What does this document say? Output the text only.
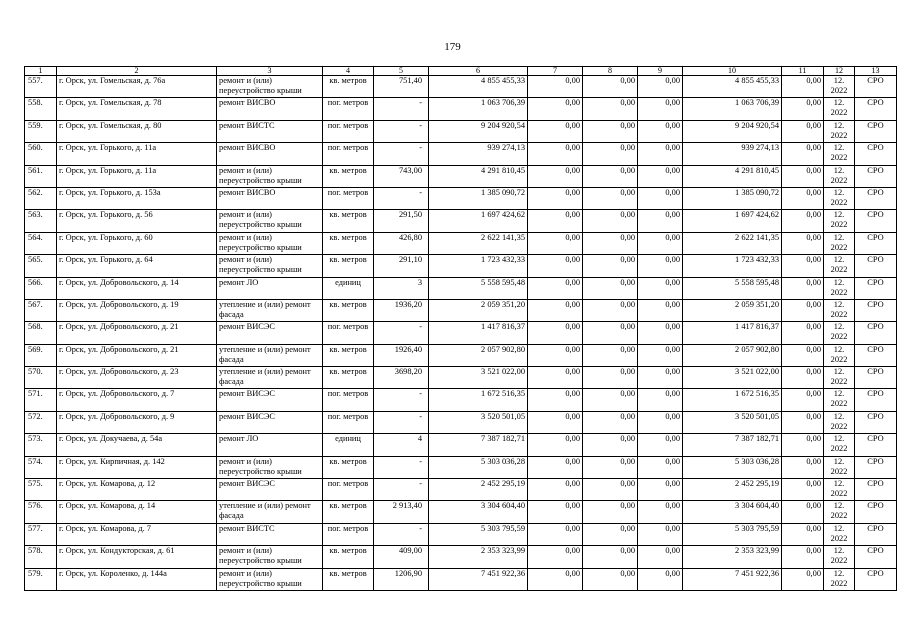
179
1	2	3	4	5	6	7	8	9	10	11	12	13
557.	г. Орск, ул. Гомельская, д. 76а	ремонт и (или) переустройство крыши	кв. метров	751,40	4 855 455,33	0,00	0,00	0,00	4 855 455,33	0,00	12. 2022	СРО
558.	г. Орск, ул. Гомельская, д. 78	ремонт ВИСВО	пог. метров	-	1 063 706,39	0,00	0,00	0,00	1 063 706,39	0,00	12. 2022	СРО
559.	г. Орск, ул. Гомельская, д. 80	ремонт ВИСТС	пог. метров	-	9 204 920,54	0,00	0,00	0,00	9 204 920,54	0,00	12. 2022	СРО
560.	г. Орск, ул. Горького, д. 11а	ремонт ВИСВО	пог. метров	-	939 274,13	0,00	0,00	0,00	939 274,13	0,00	12. 2022	СРО
561.	г. Орск, ул. Горького, д. 11а	ремонт и (или) переустройство крыши	кв. метров	743,00	4 291 810,45	0,00	0,00	0,00	4 291 810,45	0,00	12. 2022	СРО
562.	г. Орск, ул. Горького, д. 153а	ремонт ВИСВО	пог. метров	-	1 385 090,72	0,00	0,00	0,00	1 385 090,72	0,00	12. 2022	СРО
563.	г. Орск, ул. Горького, д. 56	ремонт и (или) переустройство крыши	кв. метров	291,50	1 697 424,62	0,00	0,00	0,00	1 697 424,62	0,00	12. 2022	СРО
564.	г. Орск, ул. Горького, д. 60	ремонт и (или) переустройство крыши	кв. метров	426,80	2 622 141,35	0,00	0,00	0,00	2 622 141,35	0,00	12. 2022	СРО
565.	г. Орск, ул. Горького, д. 64	ремонт и (или) переустройство крыши	кв. метров	291,10	1 723 432,33	0,00	0,00	0,00	1 723 432,33	0,00	12. 2022	СРО
566.	г. Орск, ул. Добровольского, д. 14	ремонт ЛО	единиц	3	5 558 595,48	0,00	0,00	0,00	5 558 595,48	0,00	12. 2022	СРО
567.	г. Орск, ул. Добровольского, д. 19	утепление и (или) ремонт фасада	кв. метров	1936,20	2 059 351,20	0,00	0,00	0,00	2 059 351,20	0,00	12. 2022	СРО
568.	г. Орск, ул. Добровольского, д. 21	ремонт ВИСЭС	пог. метров	-	1 417 816,37	0,00	0,00	0,00	1 417 816,37	0,00	12. 2022	СРО
569.	г. Орск, ул. Добровольского, д. 21	утепление и (или) ремонт фасада	кв. метров	1926,40	2 057 902,80	0,00	0,00	0,00	2 057 902,80	0,00	12. 2022	СРО
570.	г. Орск, ул. Добровольского, д. 23	утепление и (или) ремонт фасада	кв. метров	3698,20	3 521 022,00	0,00	0,00	0,00	3 521 022,00	0,00	12. 2022	СРО
571.	г. Орск, ул. Добровольского, д. 7	ремонт ВИСЭС	пог. метров	-	1 672 516,35	0,00	0,00	0,00	1 672 516,35	0,00	12. 2022	СРО
572.	г. Орск, ул. Добровольского, д. 9	ремонт ВИСЭС	пог. метров	-	3 520 501,05	0,00	0,00	0,00	3 520 501,05	0,00	12. 2022	СРО
573.	г. Орск, ул. Докучаева, д. 54а	ремонт ЛО	единиц	4	7 387 182,71	0,00	0,00	0,00	7 387 182,71	0,00	12. 2022	СРО
574.	г. Орск, ул. Кирпичная, д. 142	ремонт и (или) переустройство крыши	кв. метров	-	5 303 036,28	0,00	0,00	0,00	5 303 036,28	0,00	12. 2022	СРО
575.	г. Орск, ул. Комарова, д. 12	ремонт ВИСЭС	пог. метров	-	2 452 295,19	0,00	0,00	0,00	2 452 295,19	0,00	12. 2022	СРО
576.	г. Орск, ул. Комарова, д. 14	утепление и (или) ремонт фасада	кв. метров	2 913,40	3 304 604,40	0,00	0,00	0,00	3 304 604,40	0,00	12. 2022	СРО
577.	г. Орск, ул. Комарова, д. 7	ремонт ВИСТС	пог. метров	-	5 303 795,59	0,00	0,00	0,00	5 303 795,59	0,00	12. 2022	СРО
578.	г. Орск, ул. Кондукторская, д. 61	ремонт и (или) переустройство крыши	кв. метров	409,00	2 353 323,99	0,00	0,00	0,00	2 353 323,99	0,00	12. 2022	СРО
579.	г. Орск, ул. Короленко, д. 144а	ремонт и (или) переустройство крыши	кв. метров	1206,90	7 451 922,36	0,00	0,00	0,00	7 451 922,36	0,00	12. 2022	СРО
